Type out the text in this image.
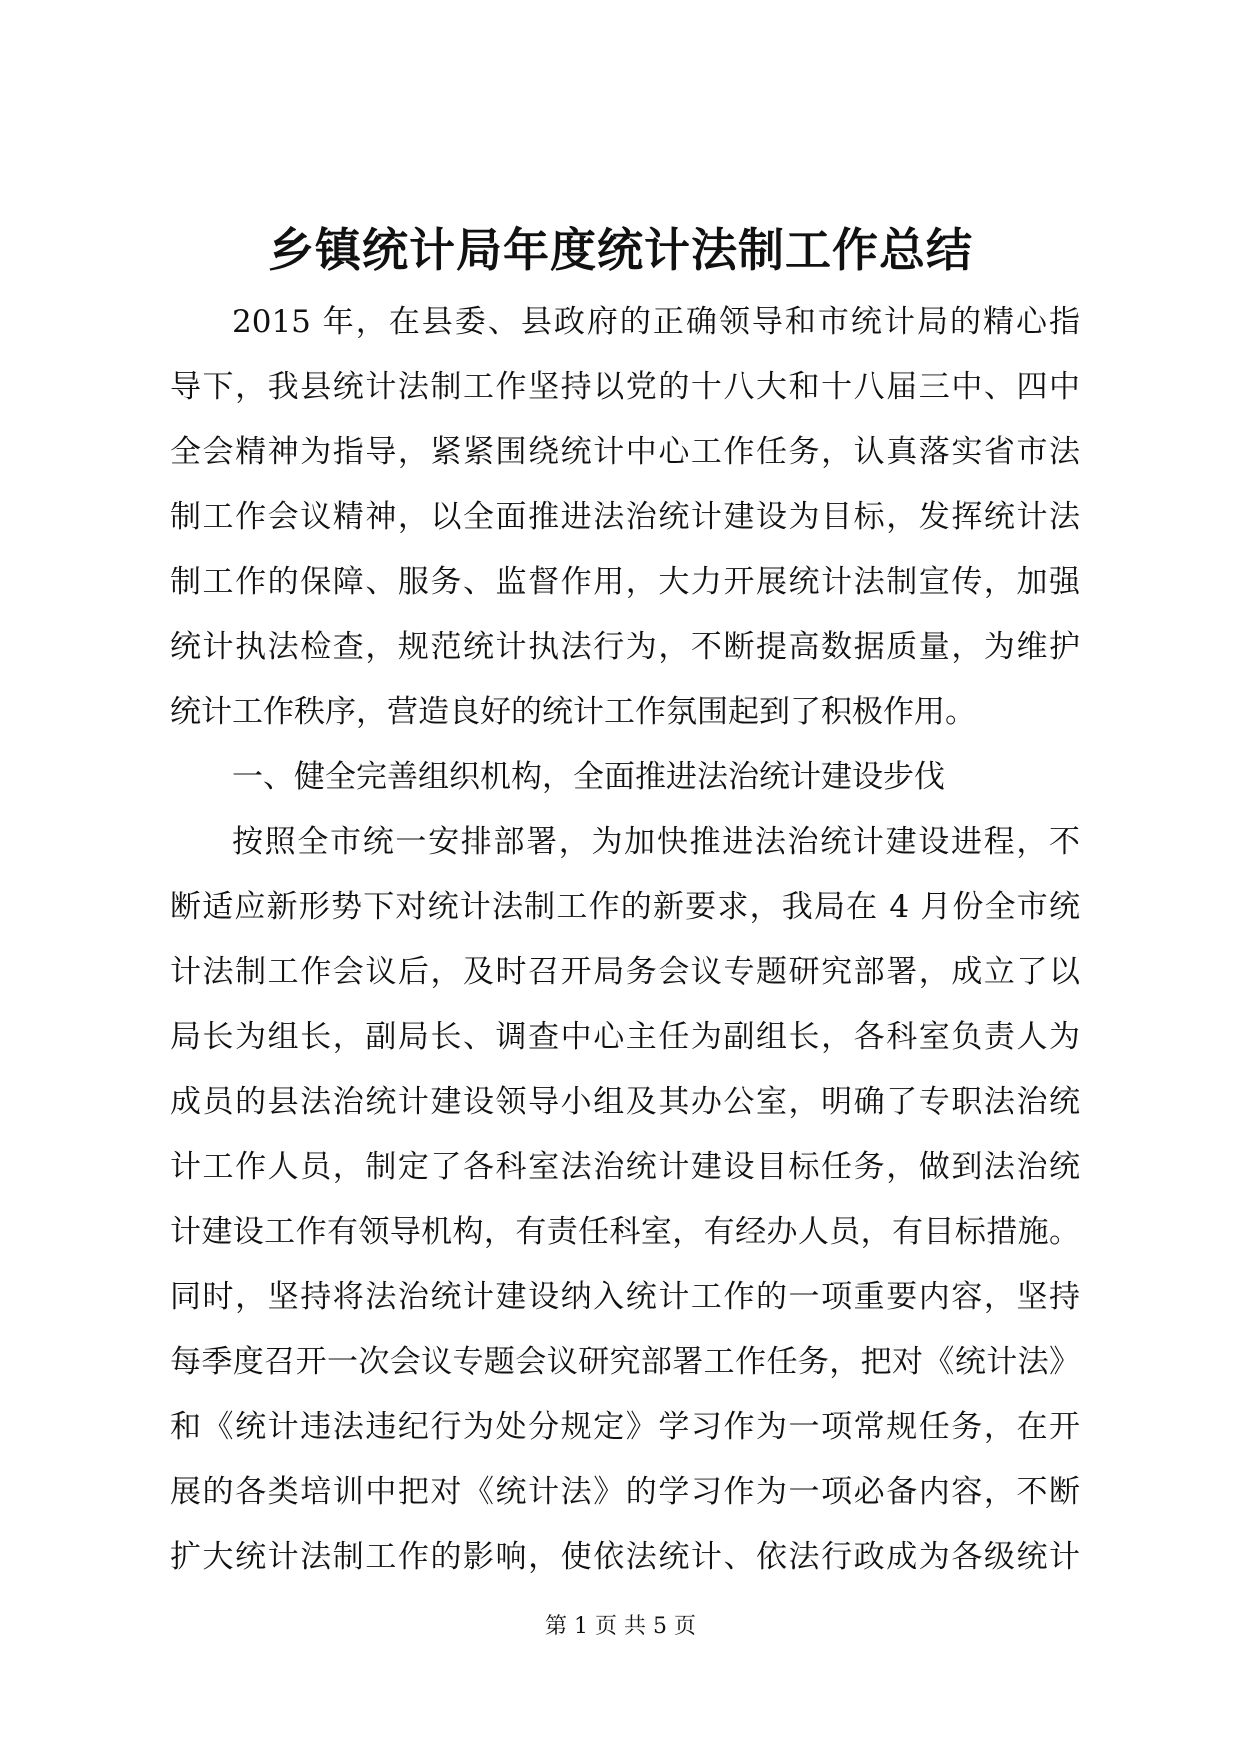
乡镇统计局年度统计法制工作总结
2015 年，在县委、县政府的正确领导和市统计局的精心指
导下，我县统计法制工作坚持以党的十八大和十八届三中、四中
全会精神为指导，紧紧围绕统计中心工作任务，认真落实省市法
制工作会议精神，以全面推进法治统计建设为目标，发挥统计法
制工作的保障、服务、监督作用，大力开展统计法制宣传，加强
统计执法检查，规范统计执法行为，不断提高数据质量，为维护
统计工作秩序，营造良好的统计工作氛围起到了积极作用。
一、健全完善组织机构，全面推进法治统计建设步伐
按照全市统一安排部署，为加快推进法治统计建设进程，不
断适应新形势下对统计法制工作的新要求，我局在 4 月份全市统
计法制工作会议后，及时召开局务会议专题研究部署，成立了以
局长为组长，副局长、调查中心主任为副组长，各科室负责人为
成员的县法治统计建设领导小组及其办公室，明确了专职法治统
计工作人员，制定了各科室法治统计建设目标任务，做到法治统
计建设工作有领导机构，有责任科室，有经办人员，有目标措施。
同时，坚持将法治统计建设纳入统计工作的一项重要内容，坚持
每季度召开一次会议专题会议研究部署工作任务，把对《统计法》
和《统计违法违纪行为处分规定》学习作为一项常规任务，在开
展的各类培训中把对《统计法》的学习作为一项必备内容，不断
扩大统计法制工作的影响，使依法统计、依法行政成为各级统计
第 1 页 共 5 页
